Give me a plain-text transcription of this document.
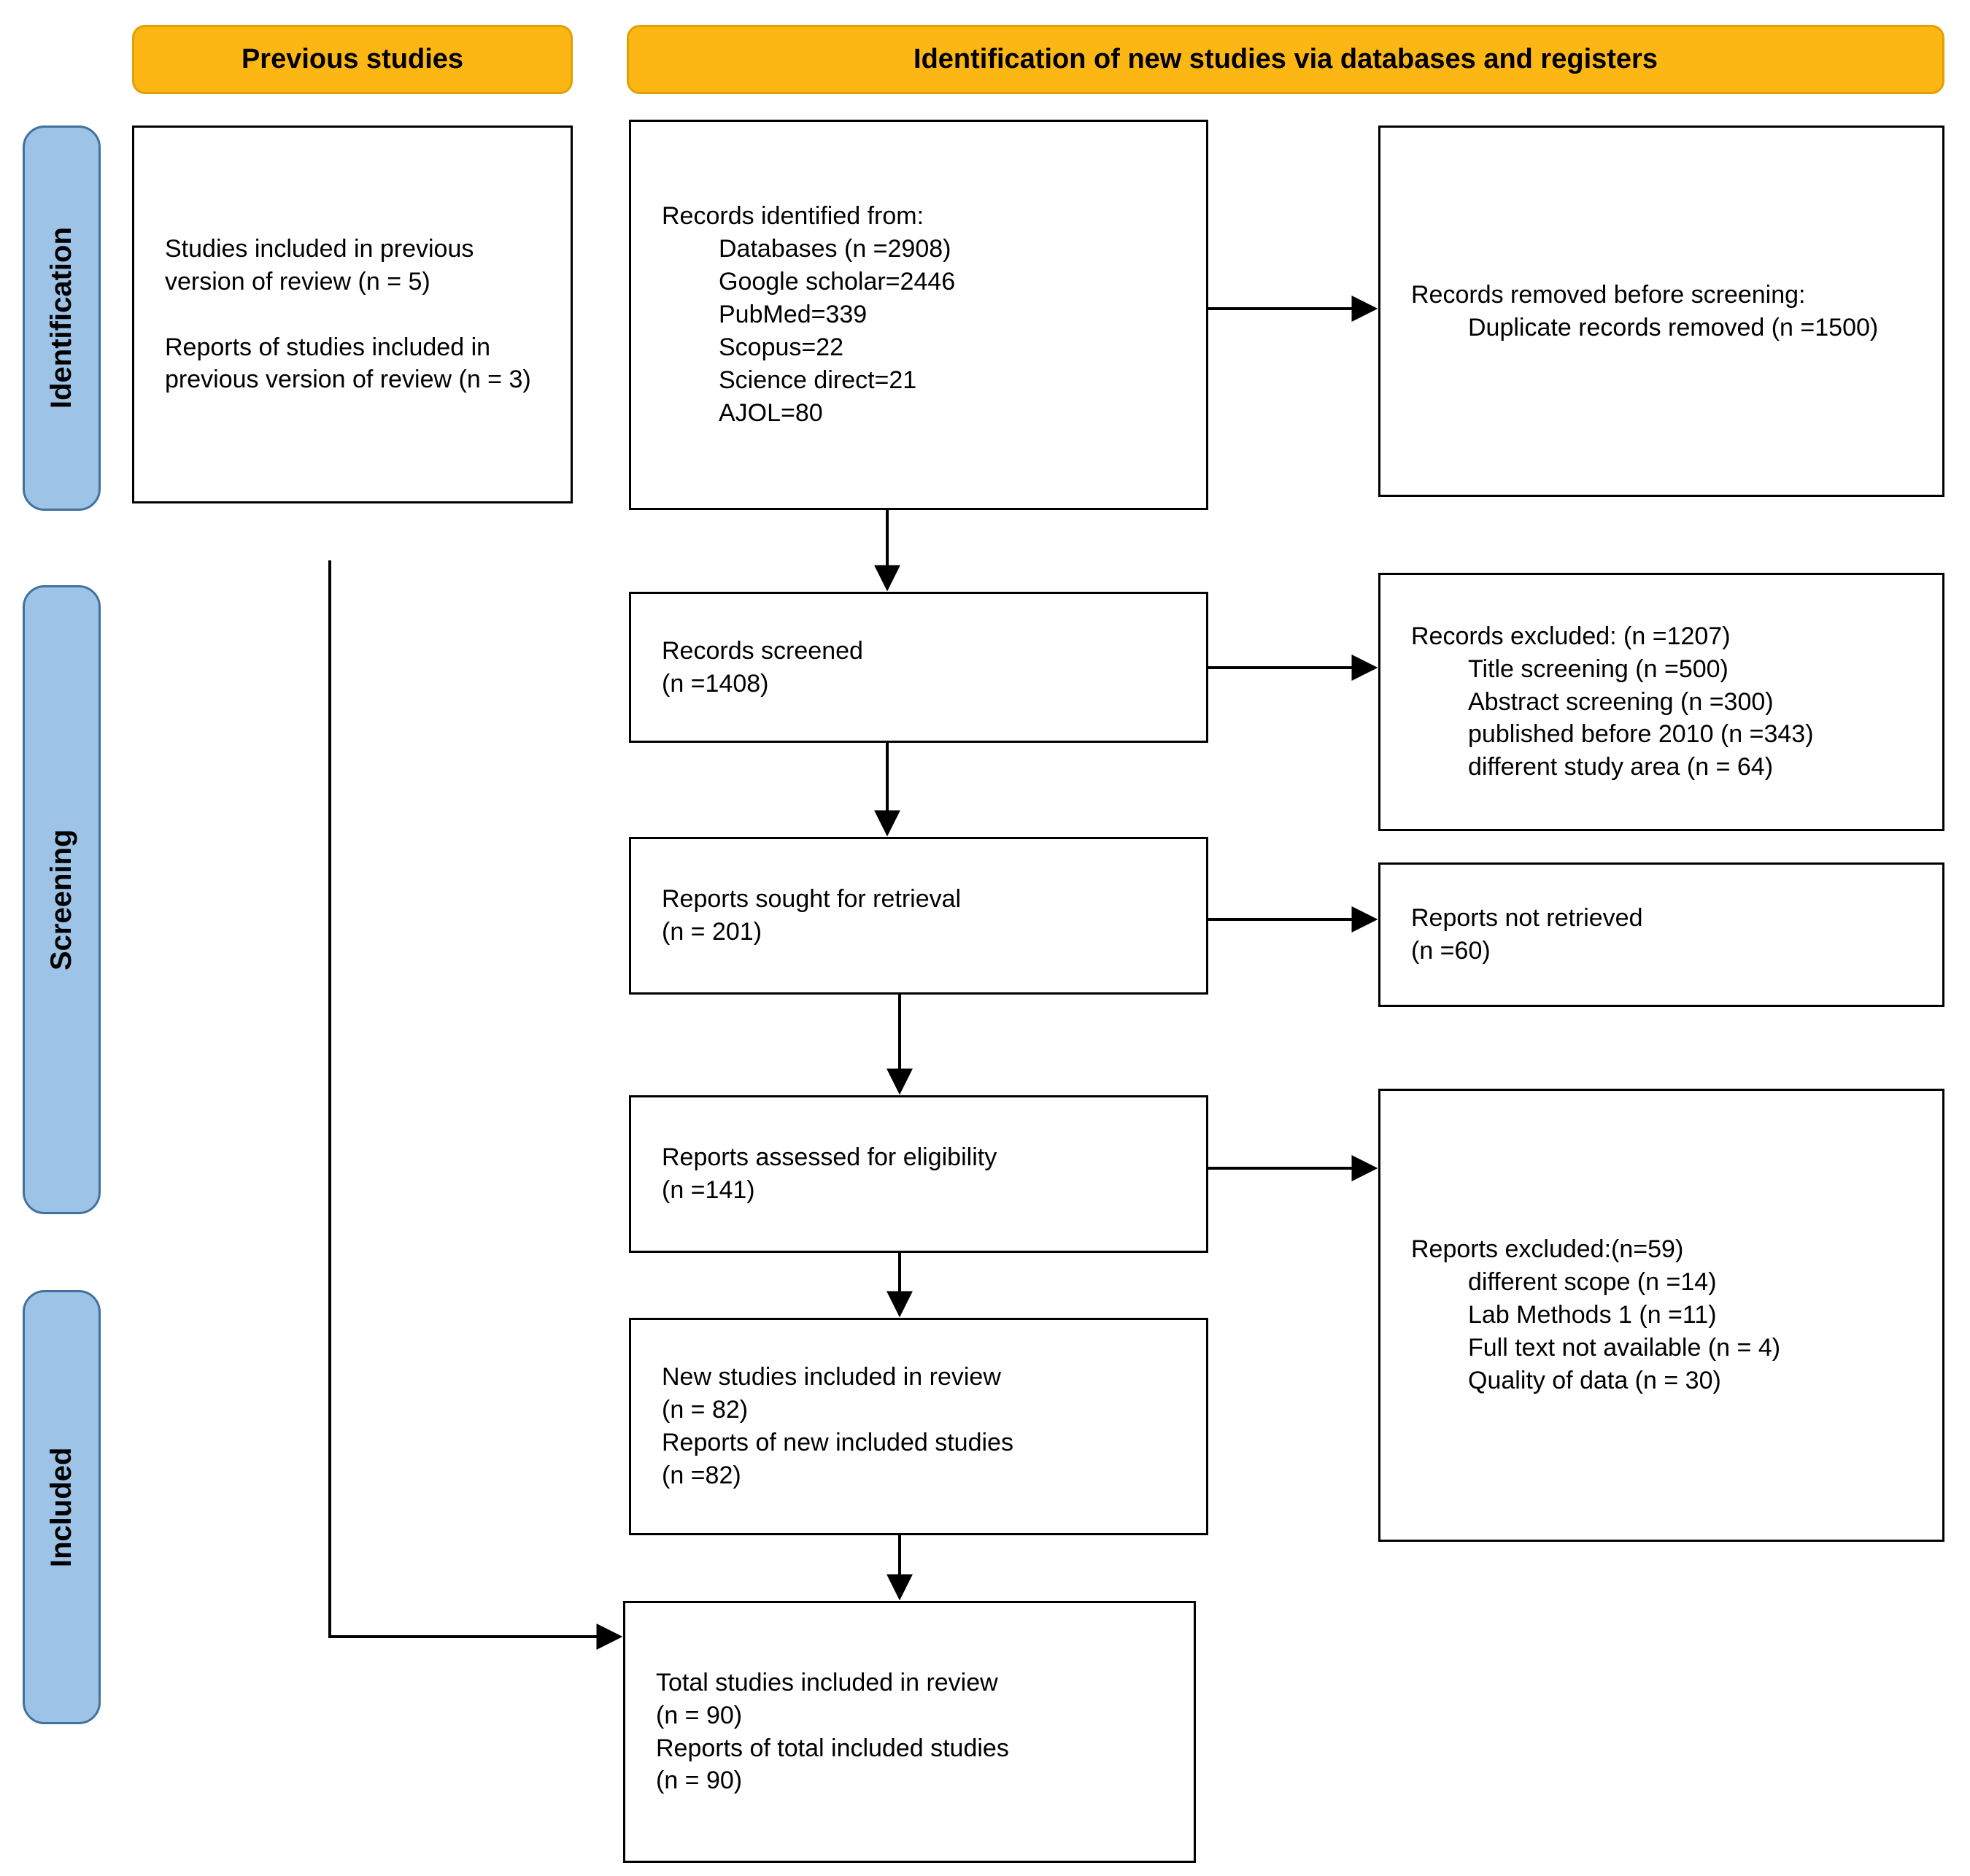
Previous studies	Identification of new studies via databases and registers
Identification
Screening
Included
Studies included in previous version of review (n = 5)
Reports of studies included in previous version of review (n = 3)
Records identified from:
Databases (n =2908)
Google scholar=2446
PubMed=339
Scopus=22
Science direct=21
AJOL=80
Records removed before screening:
Duplicate records removed (n =1500)
Records screened
(n =1408)
Records excluded: (n =1207)
Title screening (n =500)
Abstract screening (n =300)
published before 2010 (n =343)
different study area (n = 64)
Reports sought for retrieval
(n = 201)	Reports not retrieved
(n =60)
Reports assessed for eligibility
(n =141)
Reports excluded:(n=59)
different scope (n =14)
Lab Methods 1 (n =11)
Full text not available (n = 4)
Quality of data (n = 30)
New studies included in review
(n = 82)
Reports of new included studies
(n =82)
Total studies included in review
(n = 90)
Reports of total included studies
(n = 90)
